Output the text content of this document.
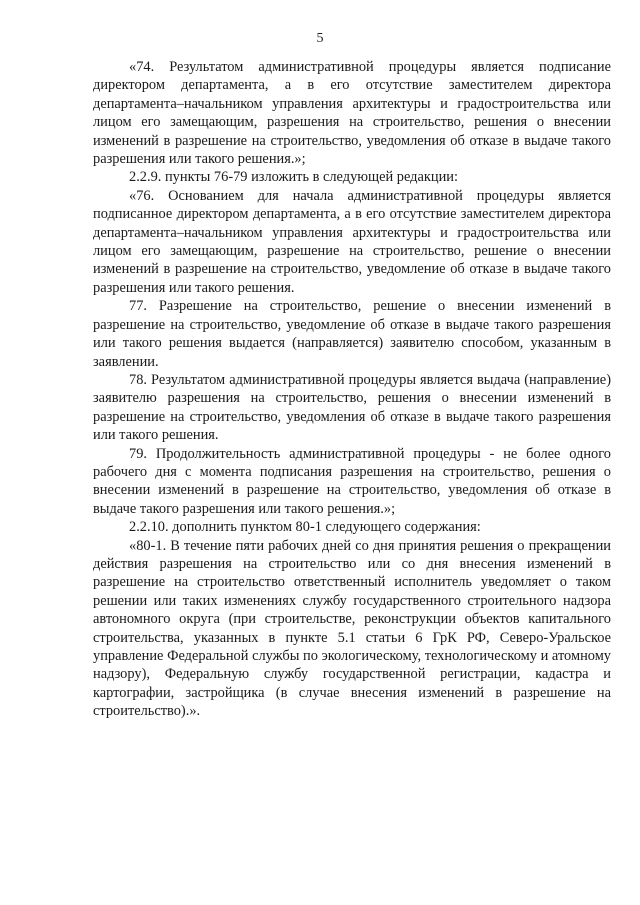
5

«74. Результатом административной процедуры является подписание директором департамента, а в его отсутствие заместителем директора департамента–начальником управления архитектуры и градостроительства или лицом его замещающим, разрешения на строительство, решения о внесении изменений в разрешение на строительство, уведомления об отказе в выдаче такого разрешения или такого решения.»;

2.2.9. пункты 76-79 изложить в следующей редакции:

«76. Основанием для начала административной процедуры является подписанное директором департамента, а в его отсутствие заместителем директора департамента–начальником управления архитектуры и градостроительства или лицом его замещающим, разрешение на строительство, решение о внесении изменений в разрешение на строительство, уведомление об отказе в выдаче такого разрешения или такого решения.

77. Разрешение на строительство, решение о внесении изменений в разрешение на строительство, уведомление об отказе в выдаче такого разрешения или такого решения выдается (направляется) заявителю способом, указанным в заявлении.

78. Результатом административной процедуры является выдача (направление) заявителю разрешения на строительство, решения о внесении изменений в разрешение на строительство, уведомления об отказе в выдаче такого разрешения или такого решения.

79. Продолжительность административной процедуры - не более одного рабочего дня с момента подписания разрешения на строительство, решения о внесении изменений в разрешение на строительство, уведомления об отказе в выдаче такого разрешения или такого решения.»;

2.2.10. дополнить пунктом 80-1 следующего содержания:

«80-1. В течение пяти рабочих дней со дня принятия решения о прекращении действия разрешения на строительство или со дня внесения изменений в разрешение на строительство ответственный исполнитель уведомляет о таком решении или таких изменениях службу государственного строительного надзора автономного округа (при строительстве, реконструкции объектов капитального строительства, указанных в пункте 5.1 статьи 6 ГрК РФ, Северо-Уральское управление Федеральной службы по экологическому, технологическому и атомному надзору), Федеральную службу государственной регистрации, кадастра и картографии, застройщика (в случае внесения изменений в разрешение на строительство).».
